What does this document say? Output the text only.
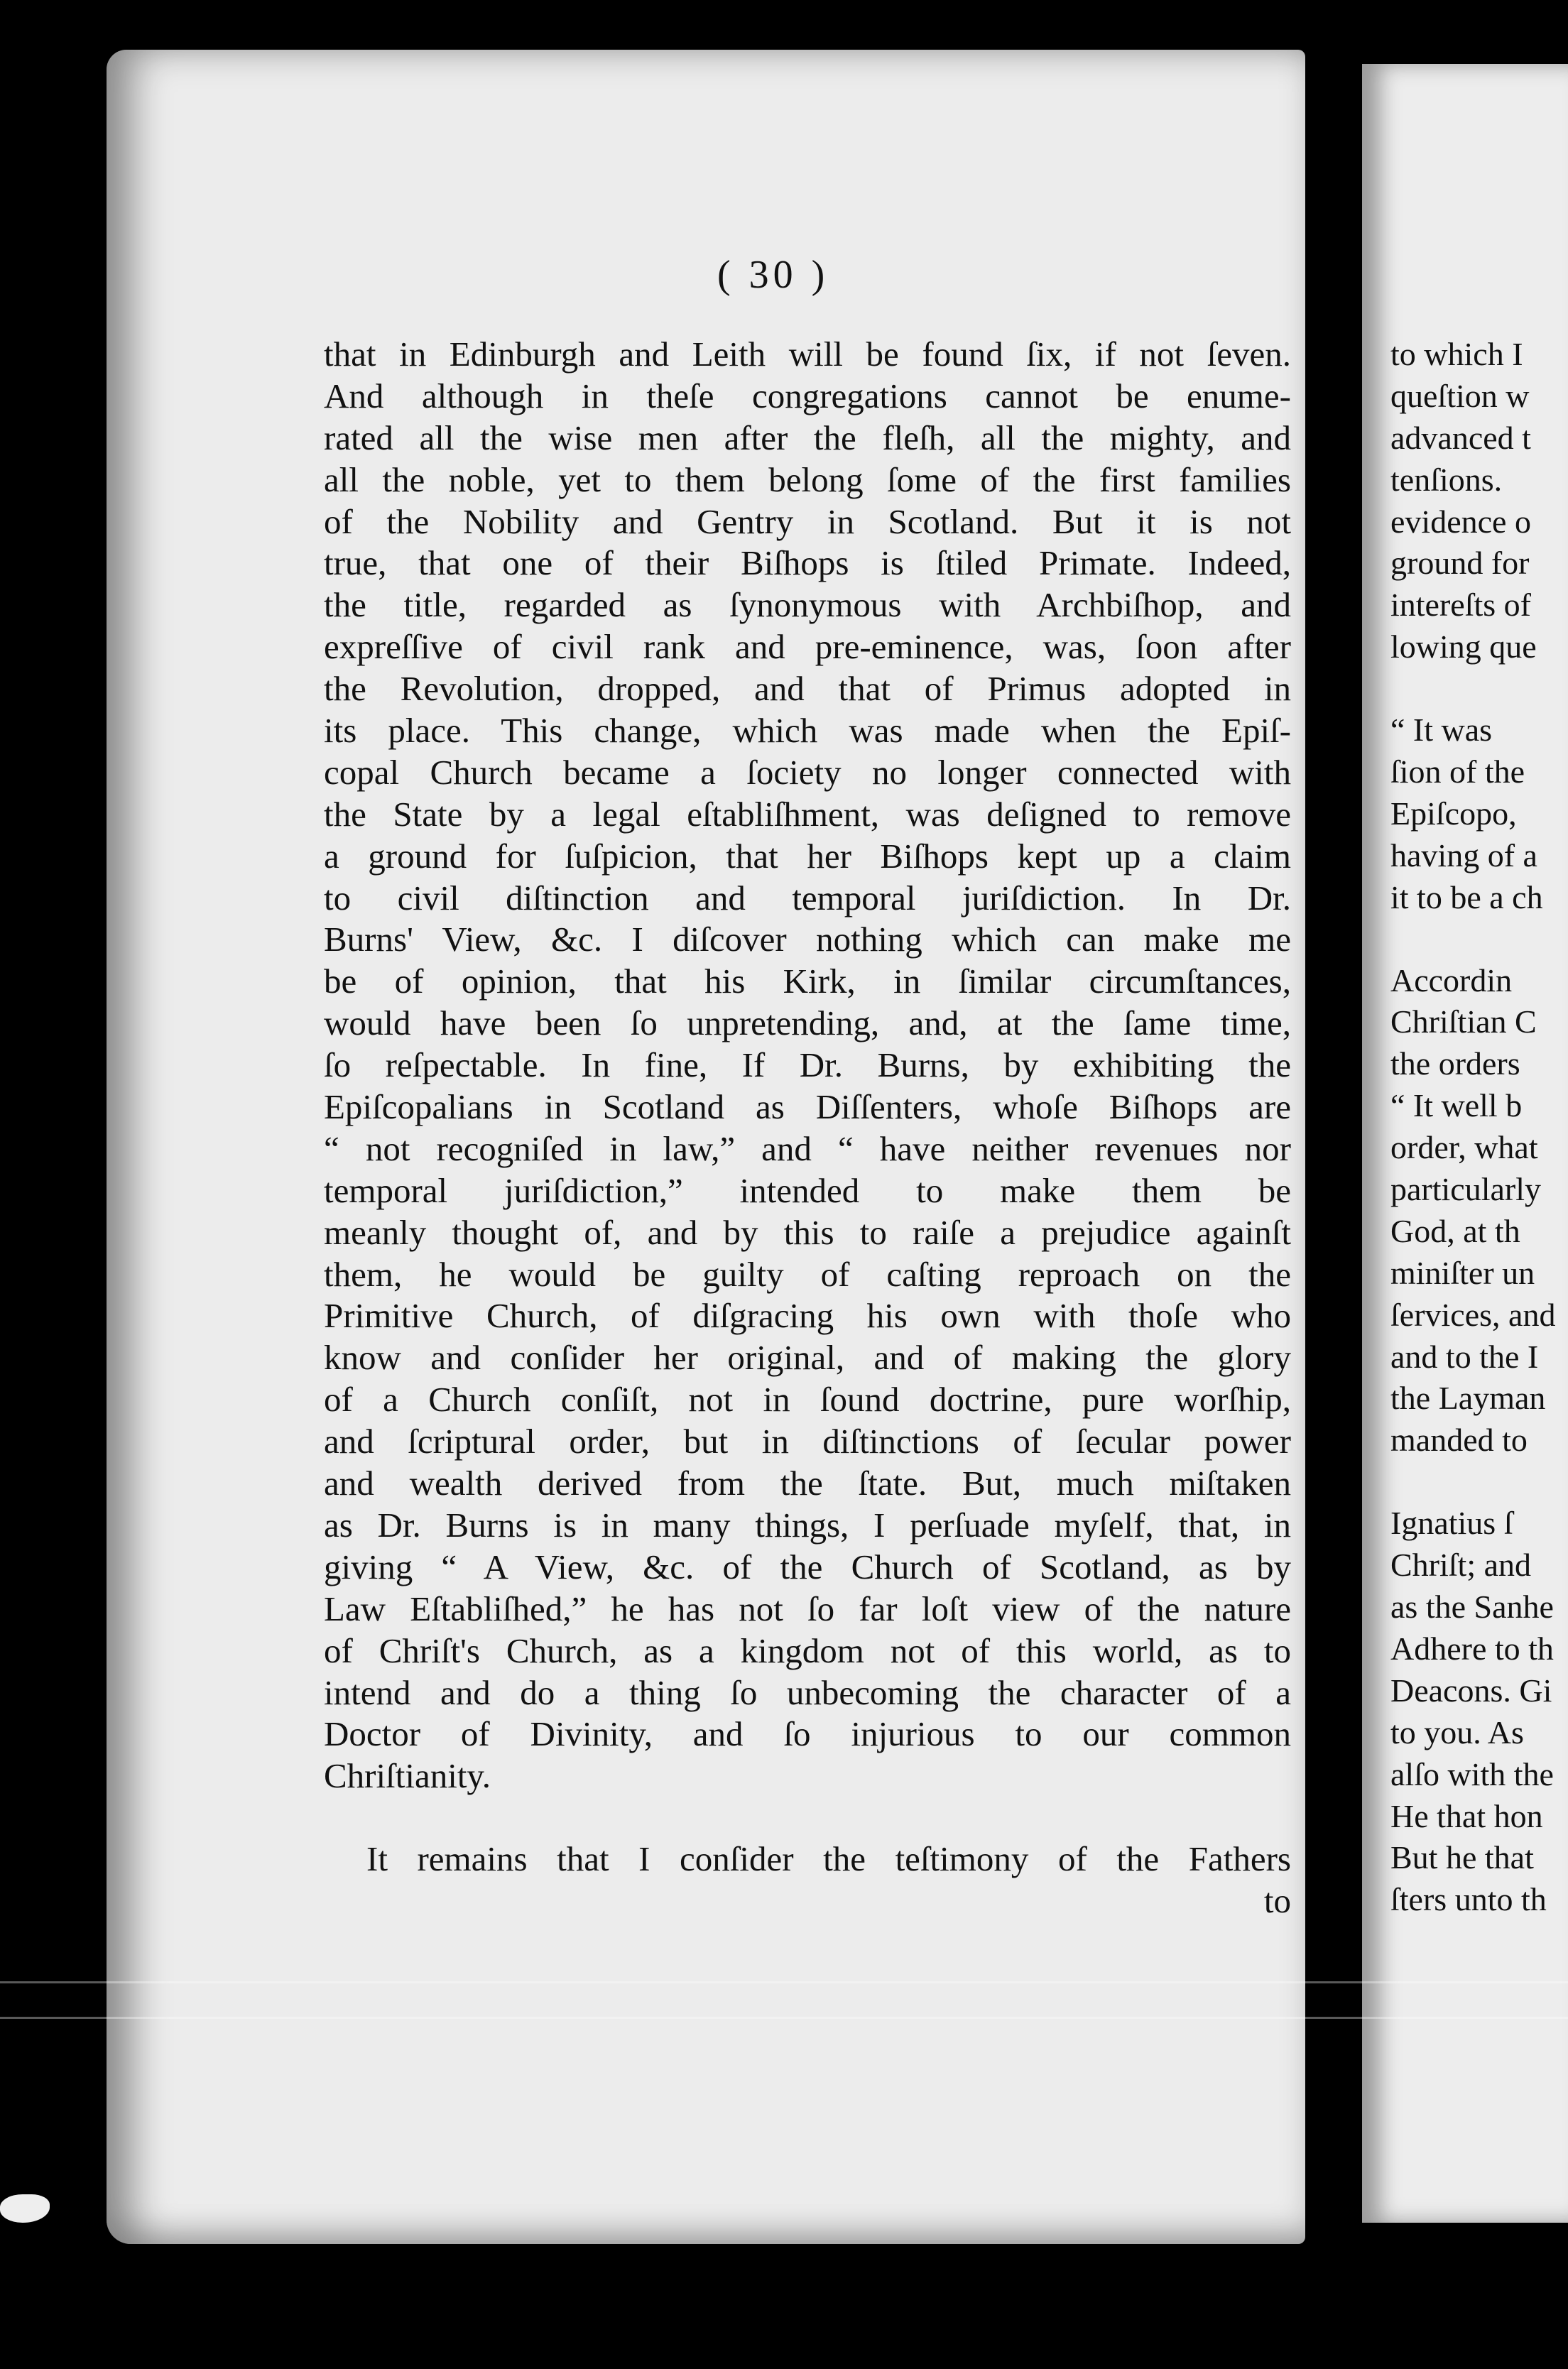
( 30 )
that in Edinburgh and Leith will be found ſix, if not ſeven.
And although in theſe congregations cannot be enume-
rated all the wise men after the fleſh, all the mighty, and
all the noble, yet to them belong ſome of the first families
of the Nobility and Gentry in Scotland. But it is not
true, that one of their Biſhops is ſtiled Primate. Indeed,
the title, regarded as ſynonymous with Archbiſhop, and
expreſſive of civil rank and pre-eminence, was, ſoon after
the Revolution, dropped, and that of Primus adopted in
its place. This change, which was made when the Epiſ-
copal Church became a ſociety no longer connected with
the State by a legal eſtabliſhment, was deſigned to remove
a ground for ſuſpicion, that her Biſhops kept up a claim
to civil diſtinction and temporal juriſdiction. In Dr.
Burns' View, &c. I diſcover nothing which can make me
be of opinion, that his Kirk, in ſimilar circumſtances,
would have been ſo unpretending, and, at the ſame time,
ſo reſpectable. In fine, If Dr. Burns, by exhibiting the
Epiſcopalians in Scotland as Diſſenters, whoſe Biſhops are
“ not recogniſed in law,” and “ have neither revenues nor
temporal juriſdiction,” intended to make them be
meanly thought of, and by this to raiſe a prejudice againſt
them, he would be guilty of caſting reproach on the
Primitive Church, of diſgracing his own with thoſe who
know and conſider her original, and of making the glory
of a Church conſiſt, not in ſound doctrine, pure worſhip,
and ſcriptural order, but in diſtinctions of ſecular power
and wealth derived from the ſtate. But, much miſtaken
as Dr. Burns is in many things, I perſuade myſelf, that, in
giving “ A View, &c. of the Church of Scotland, as by
Law Eſtabliſhed,” he has not ſo far loſt view of the nature
of Chriſt's Church, as a kingdom not of this world, as to
intend and do a thing ſo unbecoming the character of a
Doctor of Divinity, and ſo injurious to our common
Chriſtianity.
It remains that I conſider the teſtimony of the Fathers
to
to which I
queſtion w
advanced t
tenſions.
evidence o
ground for
intereſts of
lowing que
“ It was
ſion of the
Epiſcopo,
having of a
it to be a ch
Accordin
Chriſtian C
the orders
“ It well b
order, what
particularly
God, at th
miniſter un
ſervices, and
and to the I
the Layman
manded to
Ignatius ſ
Chriſt; and
as the Sanhe
Adhere to th
Deacons. Gi
to you. As
alſo with the
He that hon
But he that
ſters unto th
